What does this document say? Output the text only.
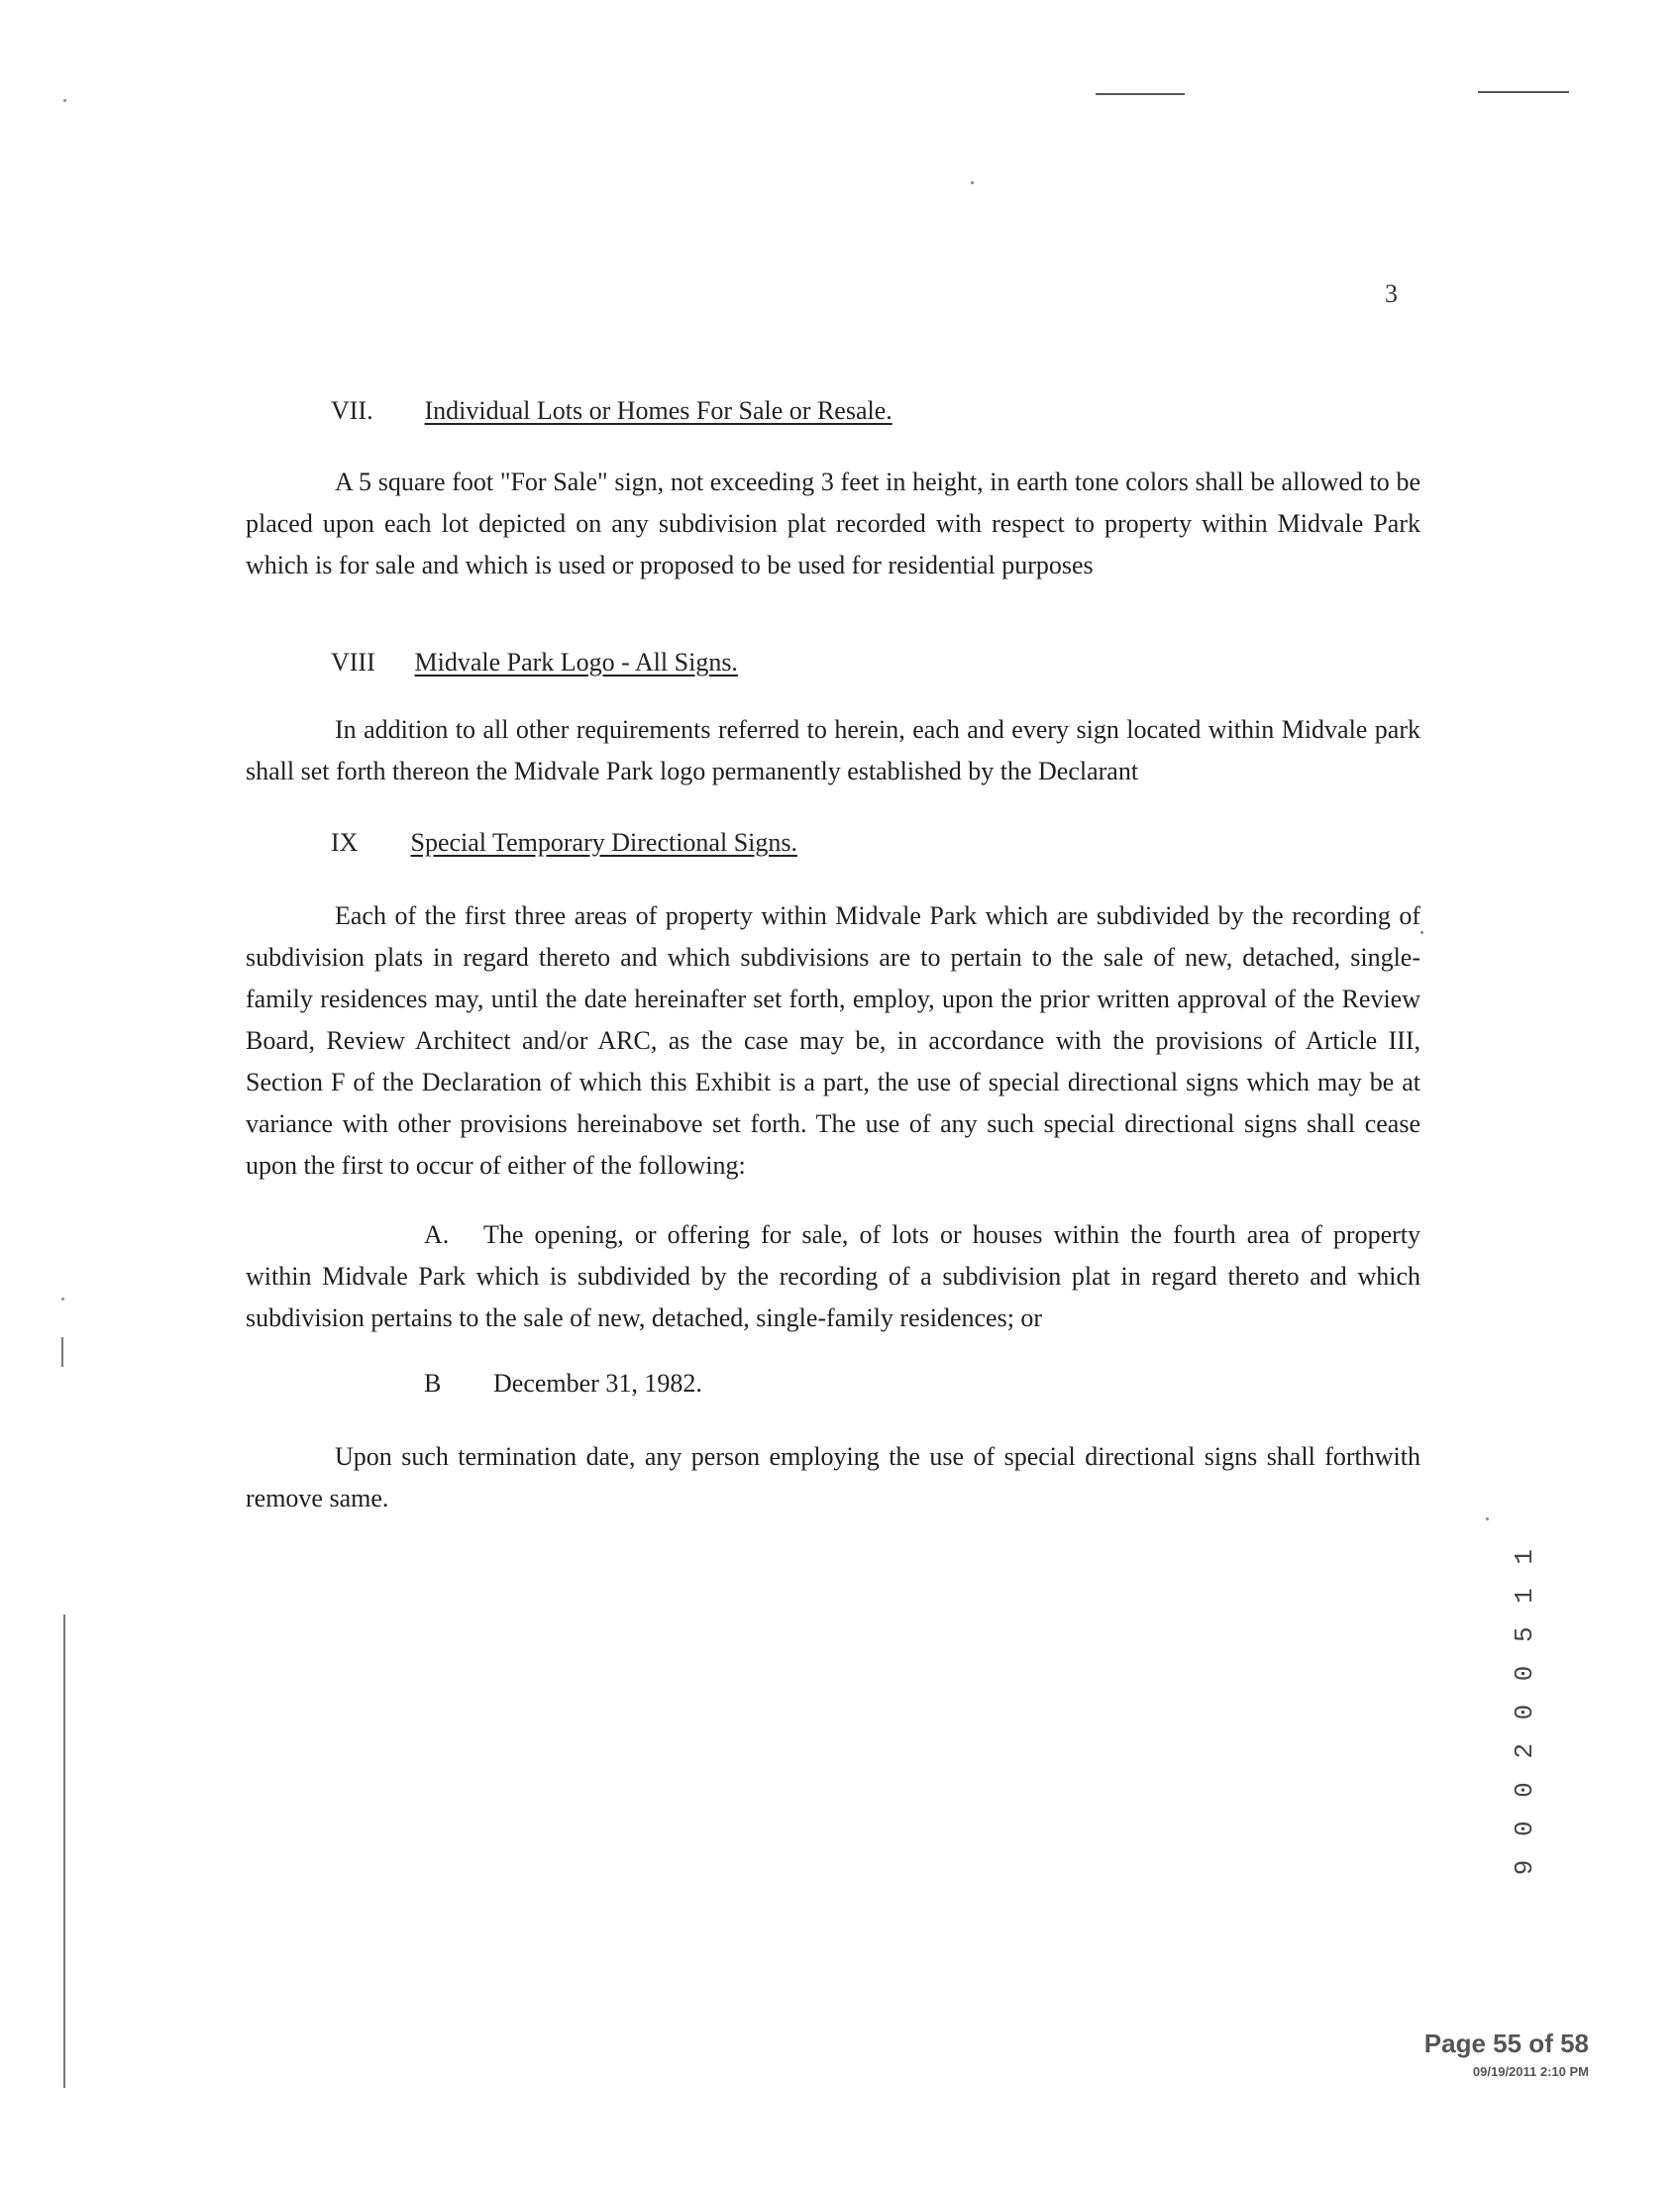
3
VII. Individual Lots or Homes For Sale or Resale.
A 5 square foot "For Sale" sign, not exceeding 3 feet in height, in earth tone colors shall be allowed to be placed upon each lot depicted on any subdivision plat recorded with respect to property within Midvale Park which is for sale and which is used or proposed to be used for residential purposes
VIII Midvale Park Logo - All Signs.
In addition to all other requirements referred to herein, each and every sign located within Midvale park shall set forth thereon the Midvale Park logo permanently established by the Declarant
IX Special Temporary Directional Signs.
Each of the first three areas of property within Midvale Park which are subdivided by the recording of subdivision plats in regard thereto and which subdivisions are to pertain to the sale of new, detached, single-family residences may, until the date hereinafter set forth, employ, upon the prior written approval of the Review Board, Review Architect and/or ARC, as the case may be, in accordance with the provisions of Article III, Section F of the Declaration of which this Exhibit is a part, the use of special directional signs which may be at variance with other provisions hereinabove set forth. The use of any such special directional signs shall cease upon the first to occur of either of the following:
A. The opening, or offering for sale, of lots or houses within the fourth area of property within Midvale Park which is subdivided by the recording of a subdivision plat in regard thereto and which subdivision pertains to the sale of new, detached, single-family residences; or
B December 31, 1982.
Upon such termination date, any person employing the use of special directional signs shall forthwith remove same.
9 0 0 2 0 0 5 1 1
Page 55 of 58
09/19/2011 2:10 PM
